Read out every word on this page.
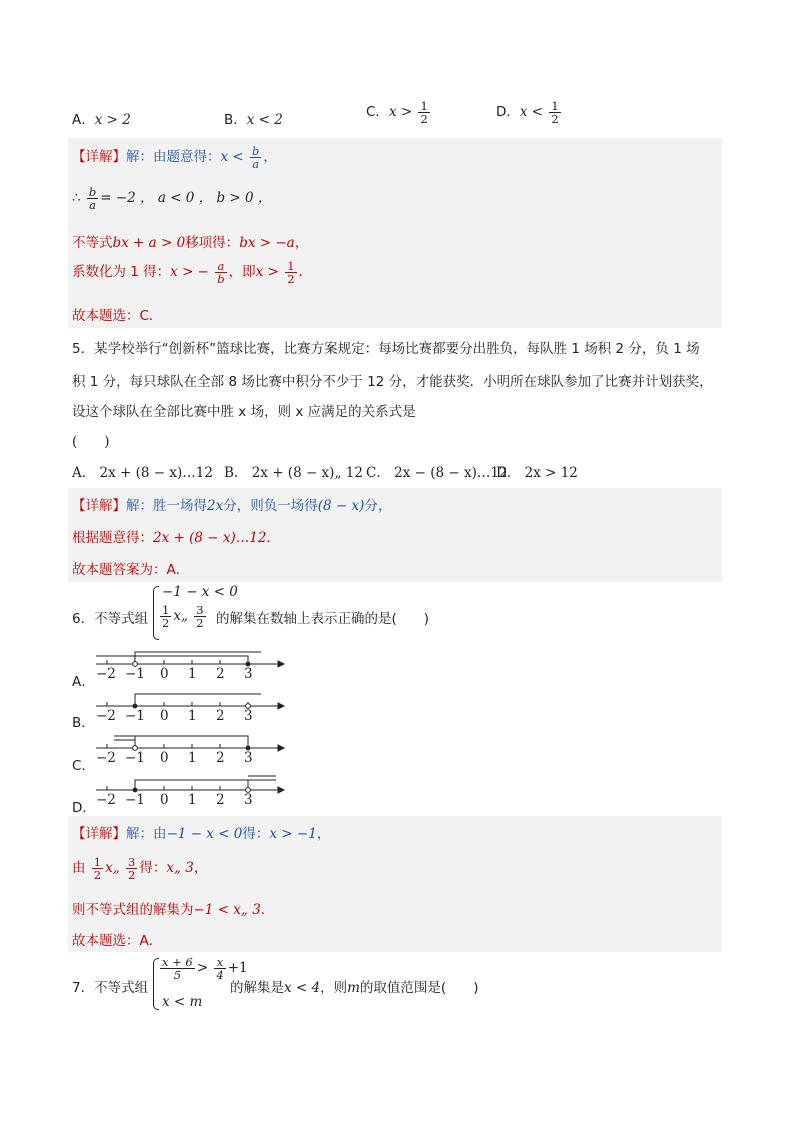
A．x > 2	B．x < 2	C．$x > \frac{1}{2}$	D．$x < \frac{1}{2}$
【详解】解：由题意得：$x < \frac{b}{a}$ ，
∴ $\frac{b}{a} = -2$ ， a < 0 ， b > 0 ，
不等式bx + a > 0移项得：bx > −a，
系数化为 1 得：x > − $\frac{a}{b}$ ，即$x > \frac{1}{2}$ ．
故本题选：C．
5．某学校举行“创新杯”篮球比赛，比赛方案规定：每场比赛都要分出胜负，每队胜 1 场积 2 分，负 1 场
积 1 分，每只球队在全部 8 场比赛中积分不少于 12 分，才能获奖．小明所在球队参加了比赛并计划获奖，
设这个球队在全部比赛中胜 x 场，则 x 应满足的关系式是
(　　)
A． 2x + (8 − x)…12 B． 2x + (8 − x)„ 12 C． 2x − (8 − x)…12
D． 2x > 12
【详解】解：胜一场得2x分，则负一场得(8 − x)分，
根据题意得：2x + (8 − x)…12．
故本题答案为：A．
6．不等式组
−1 − x < 0
$\frac{1}{2}$ x„ $\frac{3}{2}$ 的解集在数轴上表示正确的是(　　)
A． −2 −1 0 1 2 3
B． −2 −1 0 1 2 3
C． −2 −1 0 1 2 3
D． −2 −1 0 1 2 3
【详解】解：由−1 − x < 0得：x > −1，
由 $\frac{1}{2}$ x„ $\frac{3}{2}$ 得：x„ 3，
则不等式组的解集为−1 < x„ 3．
故本题选：A．
7．不等式组
$\frac{x + 6}{5} > \frac{x}{4} +1$
x < m
的解集是x < 4，则m的取值范围是(　　)
